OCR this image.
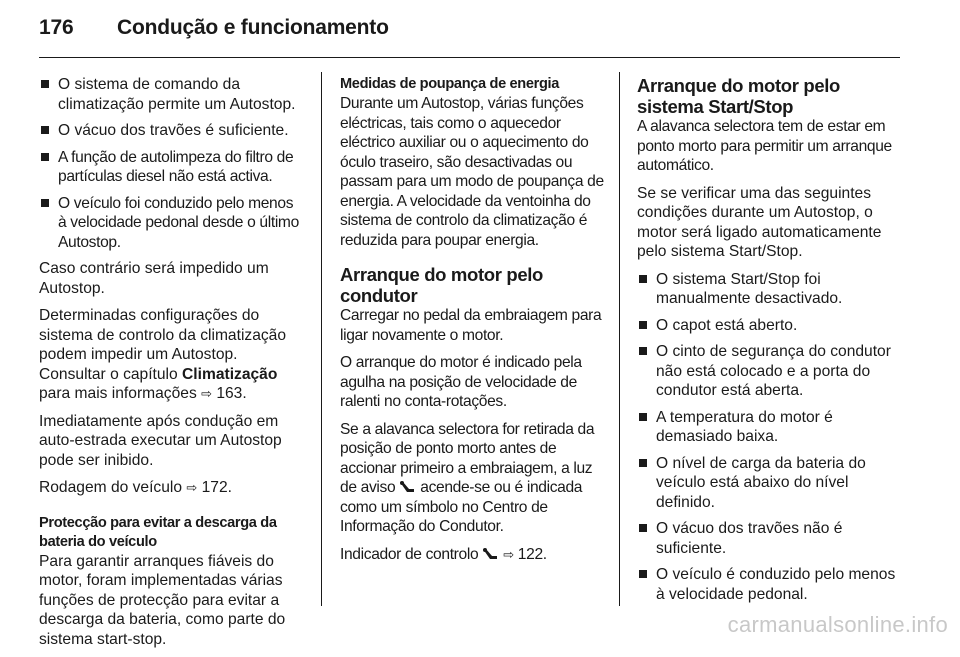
176 Condução e funcionamento
O sistema de comando da climatização permite um Autostop.
O vácuo dos travões é suficiente.
A função de autolimpeza do filtro de partículas diesel não está activa.
O veículo foi conduzido pelo menos à velocidade pedonal desde o último Autostop.

Caso contrário será impedido um Autostop.

Determinadas configurações do sistema de controlo da climatização podem impedir um Autostop. Consultar o capítulo Climatização para mais informações ⇨ 163.

Imediatamente após condução em auto-estrada executar um Autostop pode ser inibido.

Rodagem do veículo ⇨ 172.

Protecção para evitar a descarga da bateria do veículo

Para garantir arranques fiáveis do motor, foram implementadas várias funções de protecção para evitar a descarga da bateria, como parte do sistema start-stop.

Medidas de poupança de energia

Durante um Autostop, várias funções eléctricas, tais como o aquecedor eléctrico auxiliar ou o aquecimento do óculo traseiro, são desactivadas ou passam para um modo de poupança de energia. A velocidade da ventoinha do sistema de controlo da climatização é reduzida para poupar energia.

Arranque do motor pelo condutor

Carregar no pedal da embraiagem para ligar novamente o motor.

O arranque do motor é indicado pela agulha na posição de velocidade de ralenti no conta-rotações.

Se a alavanca selectora for retirada da posição de ponto morto antes de accionar primeiro a embraiagem, a luz de aviso  acende-se ou é indicada como um símbolo no Centro de Informação do Condutor.

Indicador de controlo  ⇨ 122.

Arranque do motor pelo sistema Start/Stop

A alavanca selectora tem de estar em ponto morto para permitir um arranque automático.

Se se verificar uma das seguintes condições durante um Autostop, o motor será ligado automaticamente pelo sistema Start/Stop.

O sistema Start/Stop foi manualmente desactivado.
O capot está aberto.
O cinto de segurança do condutor não está colocado e a porta do condutor está aberta.
A temperatura do motor é demasiado baixa.
O nível de carga da bateria do veículo está abaixo do nível definido.
O vácuo dos travões não é suficiente.
O veículo é conduzido pelo menos à velocidade pedonal.
carmanualsonline.info
